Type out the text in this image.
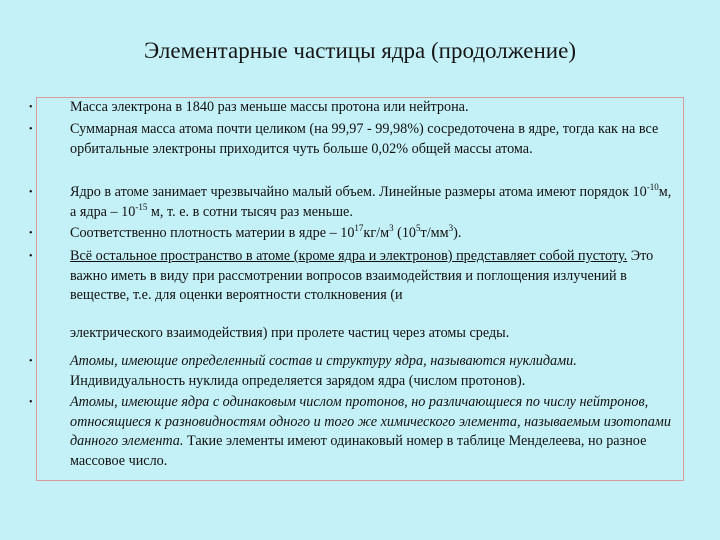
Элементарные частицы ядра (продолжение)
•	Масса электрона в 1840 раз меньше массы протона или нейтрона.
•	Суммарная масса атома почти целиком (на 99,97 - 99,98%) сосредоточена в ядре, тогда как на все орбитальные электроны приходится чуть больше 0,02% общей массы атома.
•	Ядро в атоме занимает чрезвычайно малый объем. Линейные размеры атома имеют порядок $10^{-10}м$, а ядра – $10^{-15}$ м, т. е. в сотни тысяч раз меньше.
•	Соответственно плотность материи в ядре – $10^{17}кг/м^3$ $(10^5т/мм^3)$.
•	Всё остальное пространство в атоме (кроме ядра и электронов) представляет собой пустоту. Это важно иметь в виду при рассмотрении вопросов взаимодействия и поглощения излучений в веществе, т.е. для оценки вероятности столкновения (и
электрического взаимодействия) при пролете частиц через атомы среды.
•	Атомы, имеющие определенный состав и структуру ядра, называются нуклидами. Индивидуальность нуклида определяется зарядом ядра (числом протонов).
•	Атомы, имеющие ядра с одинаковым числом протонов, но различающиеся по числу нейтронов, относящиеся к разновидностям одного и того же химического элемента, называемым изотопами данного элемента. Такие элементы имеют одинаковый номер в таблице Менделеева, но разное массовое число.
